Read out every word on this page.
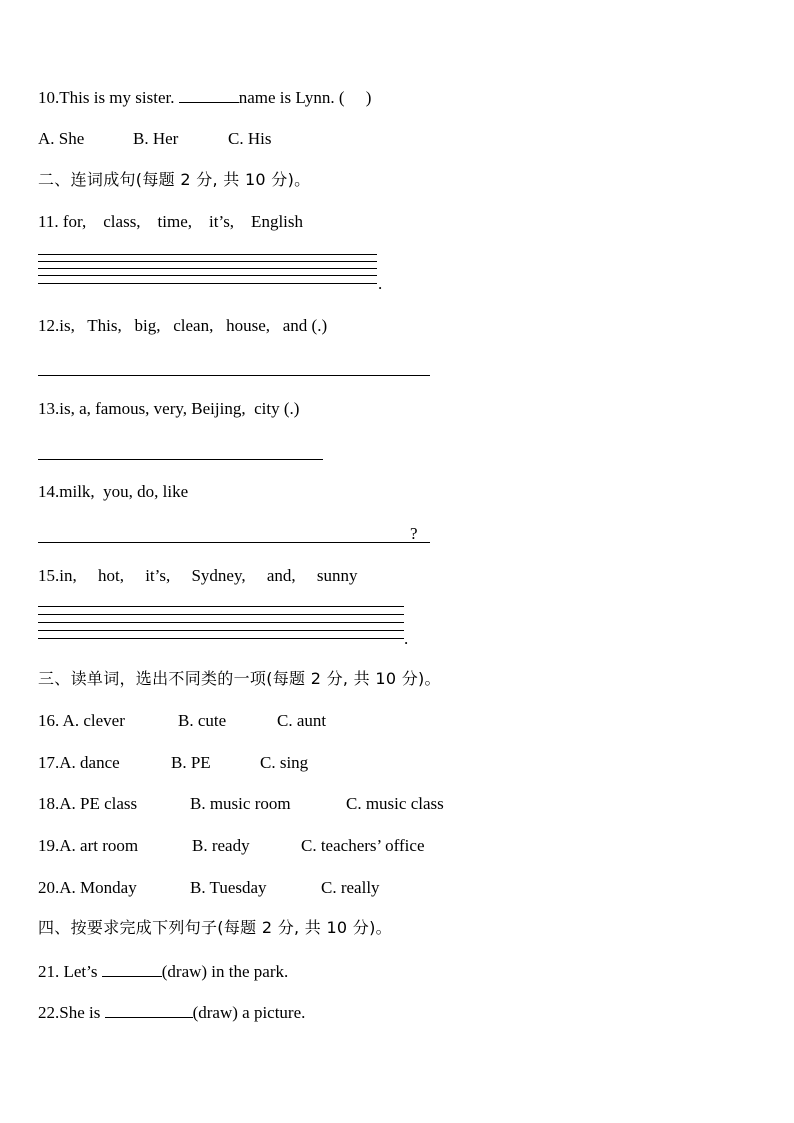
10.This is my sister.	name is Lynn. (     )
A. She	B. Her	C. His
二、连词成句(每题 2 分, 共 10 分)。
11. for,    class,    time,    it’s,    English
.
12.is,   This,   big,   clean,   house,   and (.)
13.is, a, famous, very, Beijing,  city (.)
14.milk,  you, do, like
?
15.in,     hot,     it’s,     Sydney,     and,     sunny
.
三、读单词，选出不同类的一项(每题 2 分, 共 10 分)。
16. A. clever	B. cute	C. aunt
17.A. dance	B. PE	C. sing
18.A. PE class	B. music room	C. music class
19.A. art room	B. ready	C. teachers’ office
20.A. Monday	B. Tuesday	C. really
四、按要求完成下列句子(每题 2 分, 共 10 分)。
21. Let’s	(draw) in the park.
22.She is	(draw) a picture.
